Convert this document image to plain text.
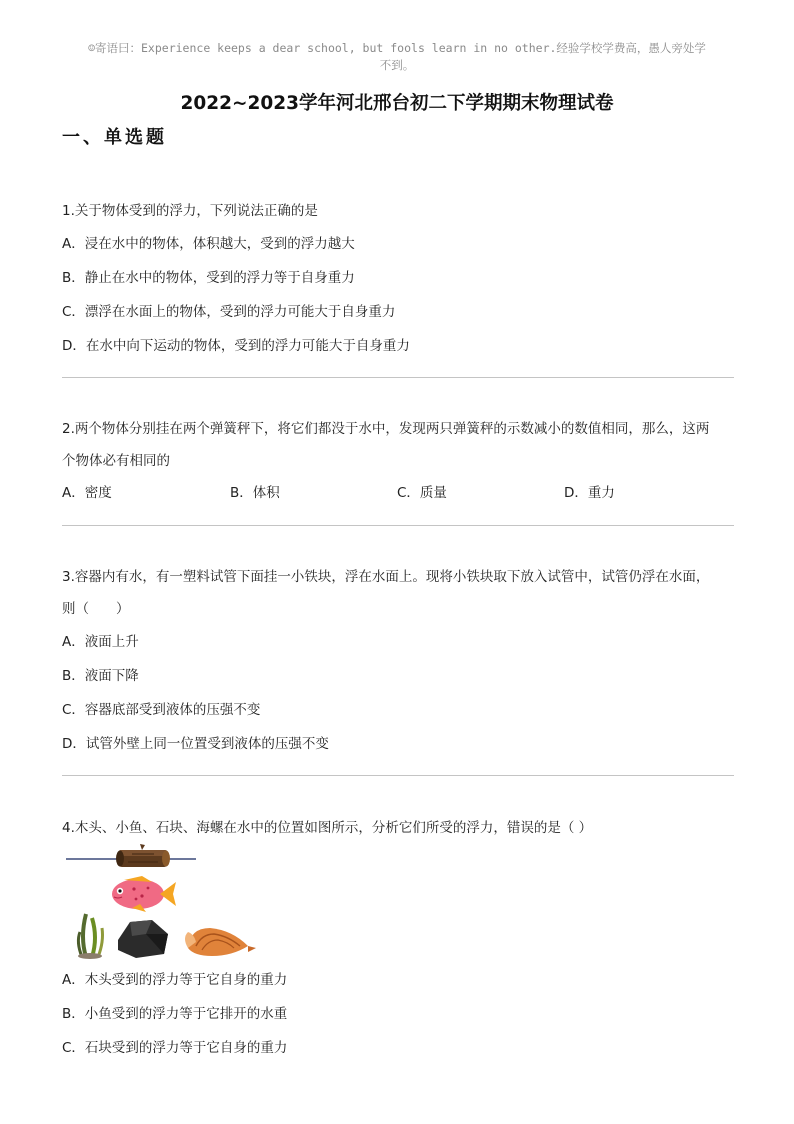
☺寄语曰：Experience keeps a dear school, but fools learn in no other.经验学校学费高，愚人旁处学
不到。
2022~2023学年河北邢台初二下学期期末物理试卷
一、单选题
1.关于物体受到的浮力，下列说法正确的是
A．浸在水中的物体，体积越大，受到的浮力越大
B．静止在水中的物体，受到的浮力等于自身重力
C．漂浮在水面上的物体，受到的浮力可能大于自身重力
D．在水中向下运动的物体，受到的浮力可能大于自身重力
2.两个物体分别挂在两个弹簧秤下，将它们都没于水中，发现两只弹簧秤的示数减小的数值相同，那么，这两
个物体必有相同的
A．密度	B．体积	C．质量	D．重力
3.容器内有水，有一塑料试管下面挂一小铁块，浮在水面上。现将小铁块取下放入试管中，试管仍浮在水面，
则（　　）
A．液面上升
B．液面下降
C．容器底部受到液体的压强不变
D．试管外壁上同一位置受到液体的压强不变
4.木头、小鱼、石块、海螺在水中的位置如图所示，分析它们所受的浮力，错误的是（ ）
A．木头受到的浮力等于它自身的重力
B．小鱼受到的浮力等于它排开的水重
C．石块受到的浮力等于它自身的重力
